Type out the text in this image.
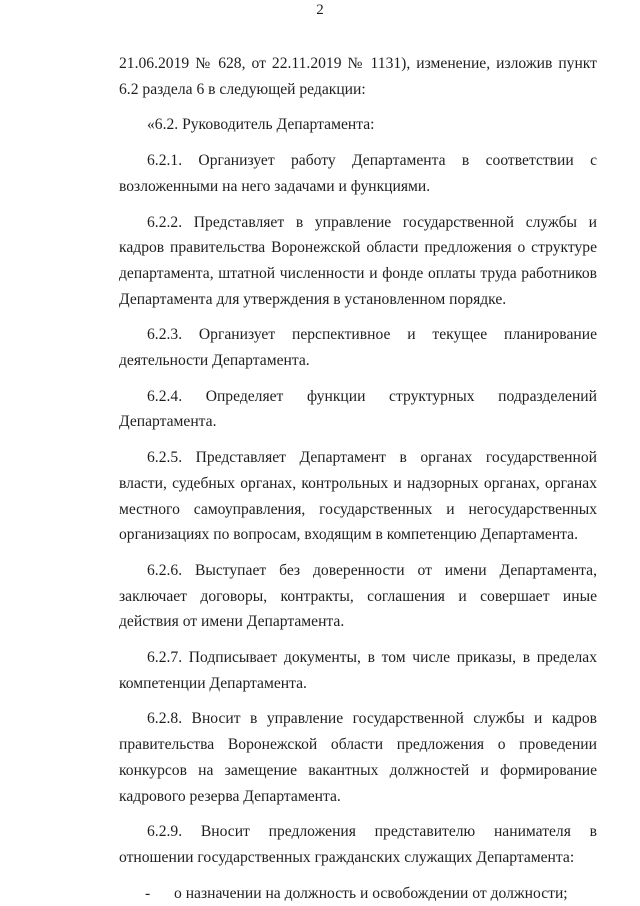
2

21.06.2019 № 628, от 22.11.2019 № 1131), изменение, изложив пункт 6.2 раздела 6 в следующей редакции:

«6.2. Руководитель Департамента:

6.2.1. Организует работу Департамента в соответствии с возложенными на него задачами и функциями.

6.2.2. Представляет в управление государственной службы и кадров правительства Воронежской области предложения о структуре департамента, штатной численности и фонде оплаты труда работников Департамента для утверждения в установленном порядке.

6.2.3. Организует перспективное и текущее планирование деятельности Департамента.

6.2.4. Определяет функции структурных подразделений Департамента.

6.2.5. Представляет Департамент в органах государственной власти, судебных органах, контрольных и надзорных органах, органах местного самоуправления, государственных и негосударственных организациях по вопросам, входящим в компетенцию Департамента.

6.2.6. Выступает без доверенности от имени Департамента, заключает договоры, контракты, соглашения и совершает иные действия от имени Департамента.

6.2.7. Подписывает документы, в том числе приказы, в пределах компетенции Департамента.

6.2.8. Вносит в управление государственной службы и кадров правительства Воронежской области предложения о проведении конкурсов на замещение вакантных должностей и формирование кадрового резерва Департамента.

6.2.9. Вносит предложения представителю нанимателя в отношении государственных гражданских служащих Департамента:

- о назначении на должность и освобождении от должности;
